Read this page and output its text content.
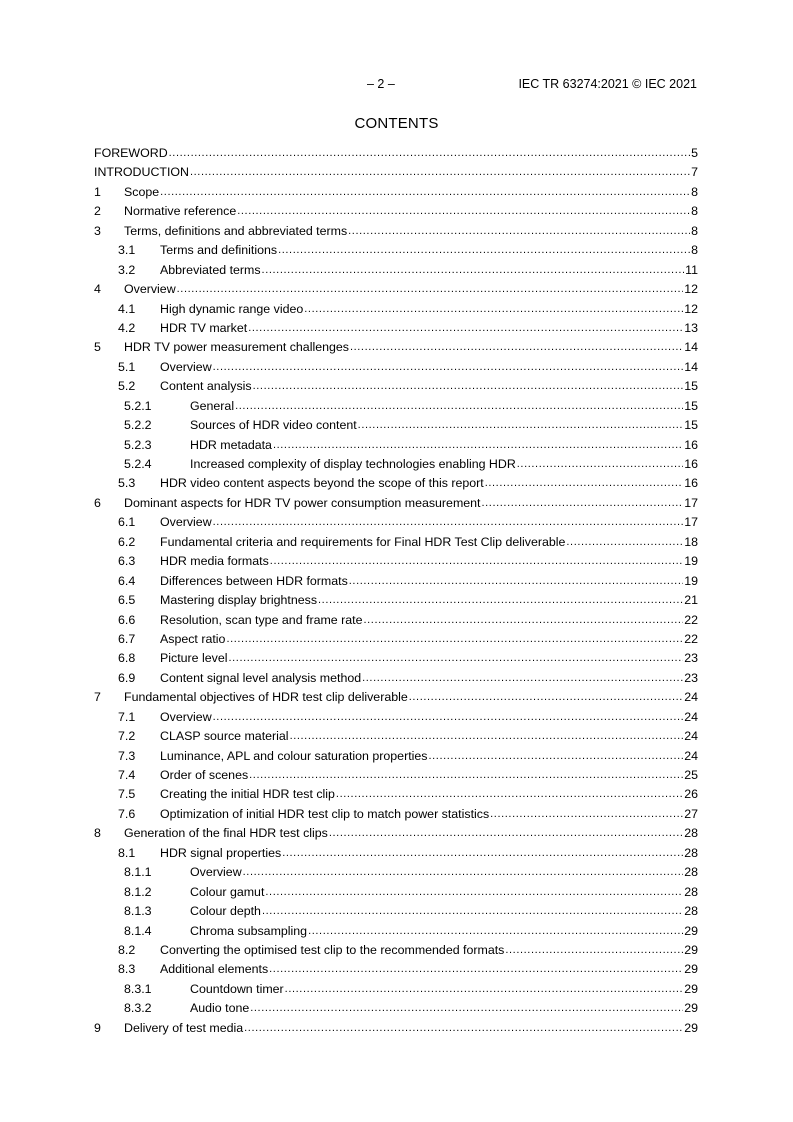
– 2 –	IEC TR 63274:2021 © IEC 2021
CONTENTS
FOREWORD .....	5
INTRODUCTION .....	7
1	Scope .....	8
2	Normative reference .....	8
3	Terms, definitions and abbreviated terms .....	8
3.1	Terms and definitions .....	8
3.2	Abbreviated terms .....	11
4	Overview .....	12
4.1	High dynamic range video .....	12
4.2	HDR TV market .....	13
5	HDR TV power measurement challenges .....	14
5.1	Overview .....	14
5.2	Content analysis .....	15
5.2.1	General .....	15
5.2.2	Sources of HDR video content .....	15
5.2.3	HDR metadata .....	16
5.2.4	Increased complexity of display technologies enabling HDR .....	16
5.3	HDR video content aspects beyond the scope of this report .....	16
6	Dominant aspects for HDR TV power consumption measurement .....	17
6.1	Overview .....	17
6.2	Fundamental criteria and requirements for Final HDR Test Clip deliverable .....	18
6.3	HDR media formats .....	19
6.4	Differences between HDR formats .....	19
6.5	Mastering display brightness .....	21
6.6	Resolution, scan type and frame rate .....	22
6.7	Aspect ratio .....	22
6.8	Picture level .....	23
6.9	Content signal level analysis method .....	23
7	Fundamental objectives of HDR test clip deliverable .....	24
7.1	Overview .....	24
7.2	CLASP source material .....	24
7.3	Luminance, APL and colour saturation properties .....	24
7.4	Order of scenes .....	25
7.5	Creating the initial HDR test clip .....	26
7.6	Optimization of initial HDR test clip to match power statistics .....	27
8	Generation of the final HDR test clips .....	28
8.1	HDR signal properties .....	28
8.1.1	Overview .....	28
8.1.2	Colour gamut .....	28
8.1.3	Colour depth .....	28
8.1.4	Chroma subsampling .....	29
8.2	Converting the optimised test clip to the recommended formats .....	29
8.3	Additional elements .....	29
8.3.1	Countdown timer .....	29
8.3.2	Audio tone .....	29
9	Delivery of test media .....	29
